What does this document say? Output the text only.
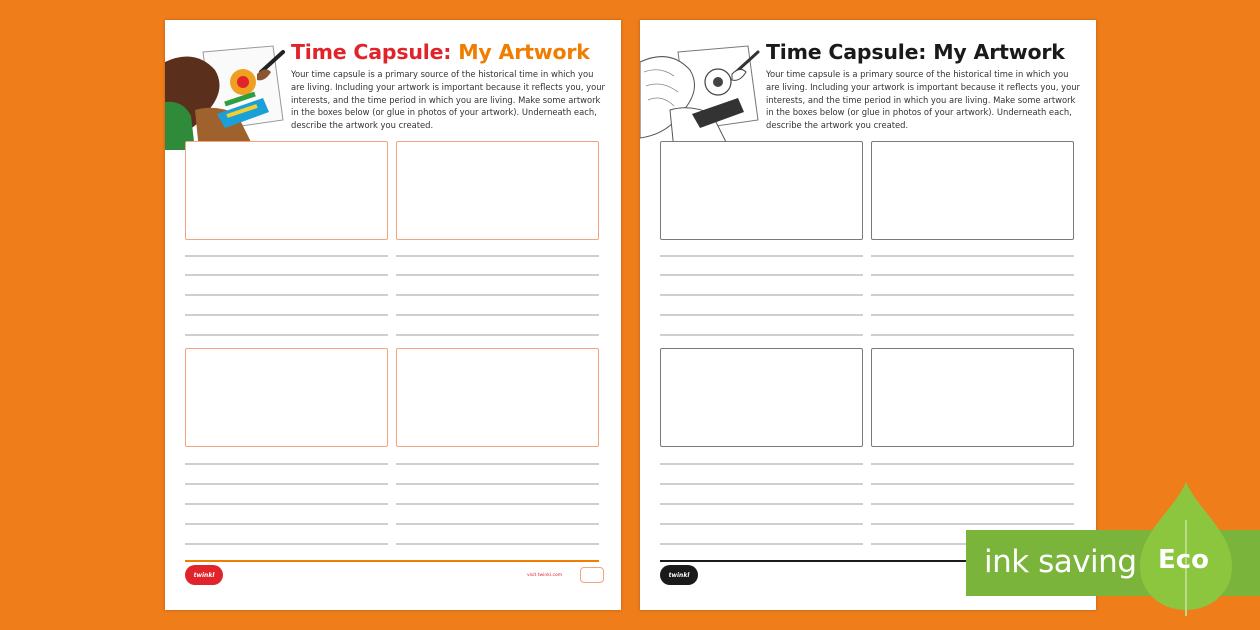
Time Capsule: My Artwork
Your time capsule is a primary source of the historical time in which you are living. Including your artwork is important because it reflects you, your interests, and the time period in which you are living. Make some artwork in the boxes below (or glue in photos of your artwork). Underneath each, describe the artwork you created.
twinkl	visit twinkl.com
Time Capsule: My Artwork
Your time capsule is a primary source of the historical time in which you are living. Including your artwork is important because it reflects you, your interests, and the time period in which you are living. Make some artwork in the boxes below (or glue in photos of your artwork). Underneath each, describe the artwork you created.
twinkl	ink saving Eco
